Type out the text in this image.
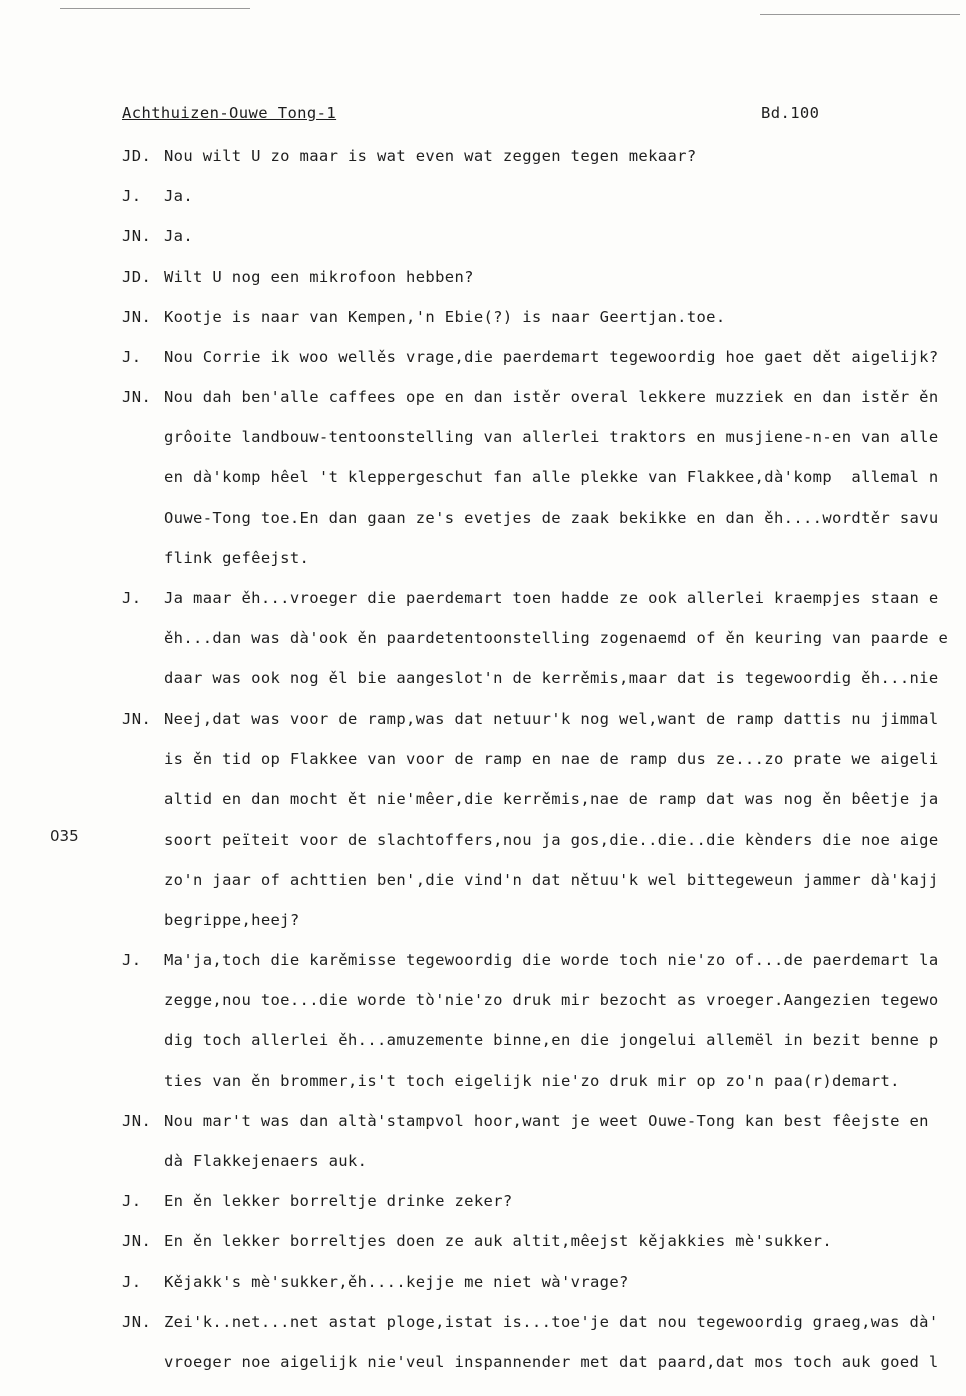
Achthuizen-Ouwe Tong-1	Bd.100
035
JD. Nou wilt U zo maar is wat even wat zeggen tegen mekaar?
J. Ja.
JN. Ja.
JD. Wilt U nog een mikrofoon hebben?
JN. Kootje is naar van Kempen,'n Ebie(?) is naar Geertjan.toe.
J. Nou Corrie ik woo wellěs vrage,die paerdemart tegewoordig hoe gaet dět aigelijk?
JN. Nou dah ben'alle caffees ope en dan istěr overal lekkere muzziek en dan istěr ěn
grôoite landbouw-tentoonstelling van allerlei traktors en musjiene-n-en van alle
en dà'komp hêel 't kleppergeschut fan alle plekke van Flakkee,dà'komp  allemal n
Ouwe-Tong toe.En dan gaan ze's evetjes de zaak bekikke en dan ěh....wordtěr savu
flink gefêejst.
J. Ja maar ěh...vroeger die paerdemart toen hadde ze ook allerlei kraempjes staan e
ěh...dan was dà'ook ěn paardetentoonstelling zogenaemd of ěn keuring van paarde e
daar was ook nog ěl bie aangeslot'n de kerrěmis,maar dat is tegewoordig ěh...nie
JN. Neej,dat was voor de ramp,was dat netuur'k nog wel,want de ramp dattis nu jimmal
is ěn tid op Flakkee van voor de ramp en nae de ramp dus ze...zo prate we aigeli
altid en dan mocht ět nie'mêer,die kerrěmis,nae de ramp dat was nog ěn bêetje ja
soort peïteit voor de slachtoffers,nou ja gos,die..die..die kènders die noe aige
zo'n jaar of achttien ben',die vind'n dat nětuu'k wel bittegeweun jammer dà'kajj
begrippe,heej?
J. Ma'ja,toch die karěmisse tegewoordig die worde toch nie'zo of...de paerdemart la
zegge,nou toe...die worde tò'nie'zo druk mir bezocht as vroeger.Aangezien tegewo
dig toch allerlei ěh...amuzemente binne,en die jongelui allemël in bezit benne p
ties van ěn brommer,is't toch eigelijk nie'zo druk mir op zo'n paa(r)demart.
JN. Nou mar't was dan altà'stampvol hoor,want je weet Ouwe-Tong kan best fêejste en
dà Flakkejenaers auk.
J. En ěn lekker borreltje drinke zeker?
JN. En ěn lekker borreltjes doen ze auk altit,mêejst kějakkies mè'sukker.
J. Kějakk's mè'sukker,ěh....kejje me niet wà'vrage?
JN. Zei'k..net...net astat ploge,istat is...toe'je dat nou tegewoordig graeg,was dà'
vroeger noe aigelijk nie'veul inspannender met dat paard,dat mos toch auk goed l
